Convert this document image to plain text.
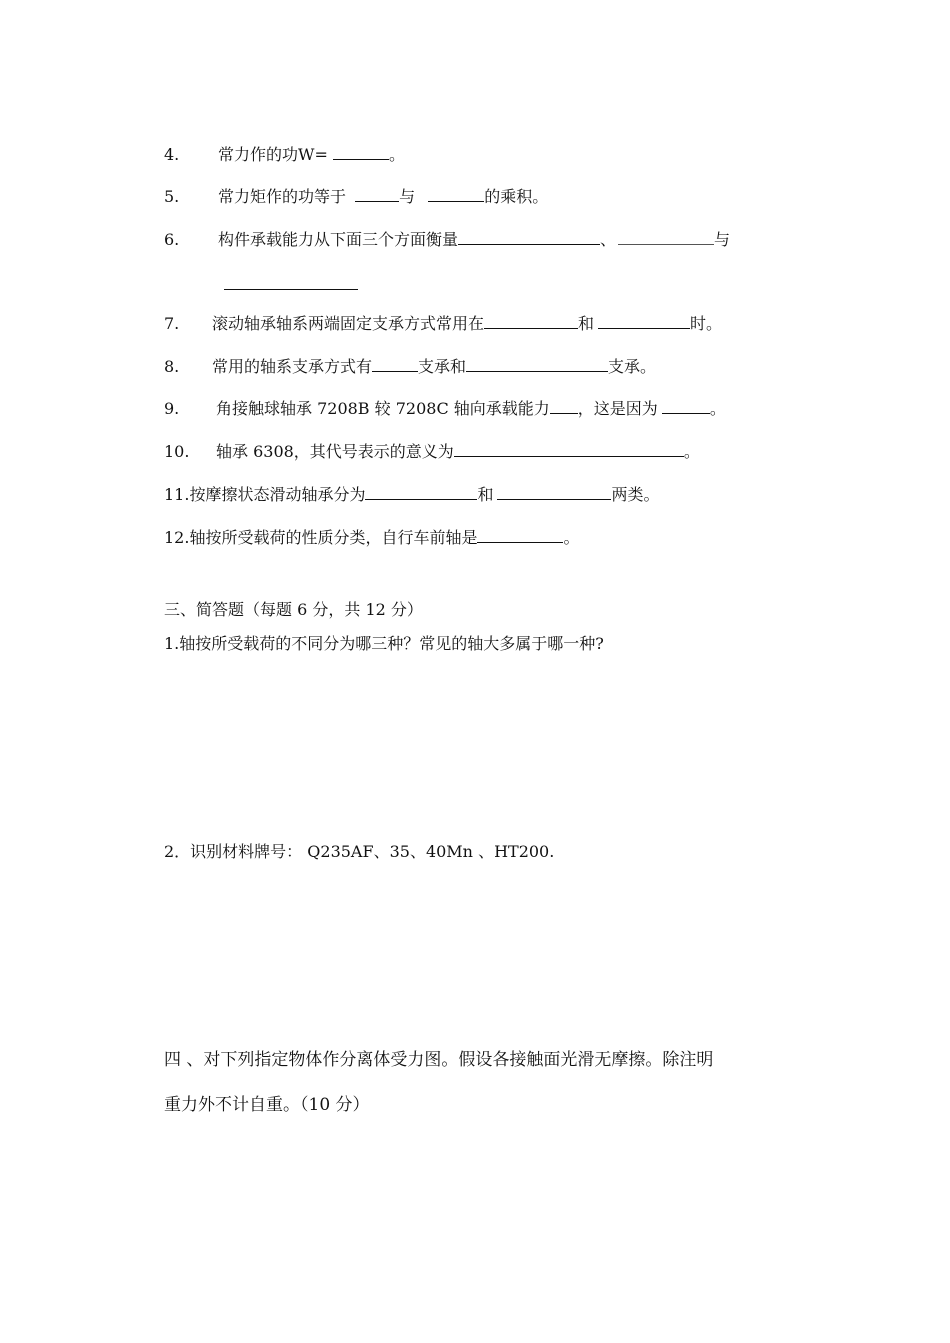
4. 常力作的功W=	。
5. 常力矩作的功等于	与	的乘积。
6. 构件承载能力从下面三个方面衡量	、	与
7. 滚动轴承轴系两端固定支承方式常用在	和	时。
8. 常用的轴系支承方式有	支承和	支承。
9. 角接触球轴承 7208B 较 7208C 轴向承载能力 ，这是因为	。
10. 轴承 6308，其代号表示的意义为	。
11.按摩擦状态滑动轴承分为	和	两类。
12.轴按所受载荷的性质分类，自行车前轴是	。
三、简答题（每题 6 分，共 12 分）
1.轴按所受载荷的不同分为哪三种？常见的轴大多属于哪一种?
2．识别材料牌号： Q235AF、35、40Mn 、HT200.
四 、对下列指定物体作分离体受力图。假设各接触面光滑无摩擦。除注明
重力外不计自重。（10 分）
